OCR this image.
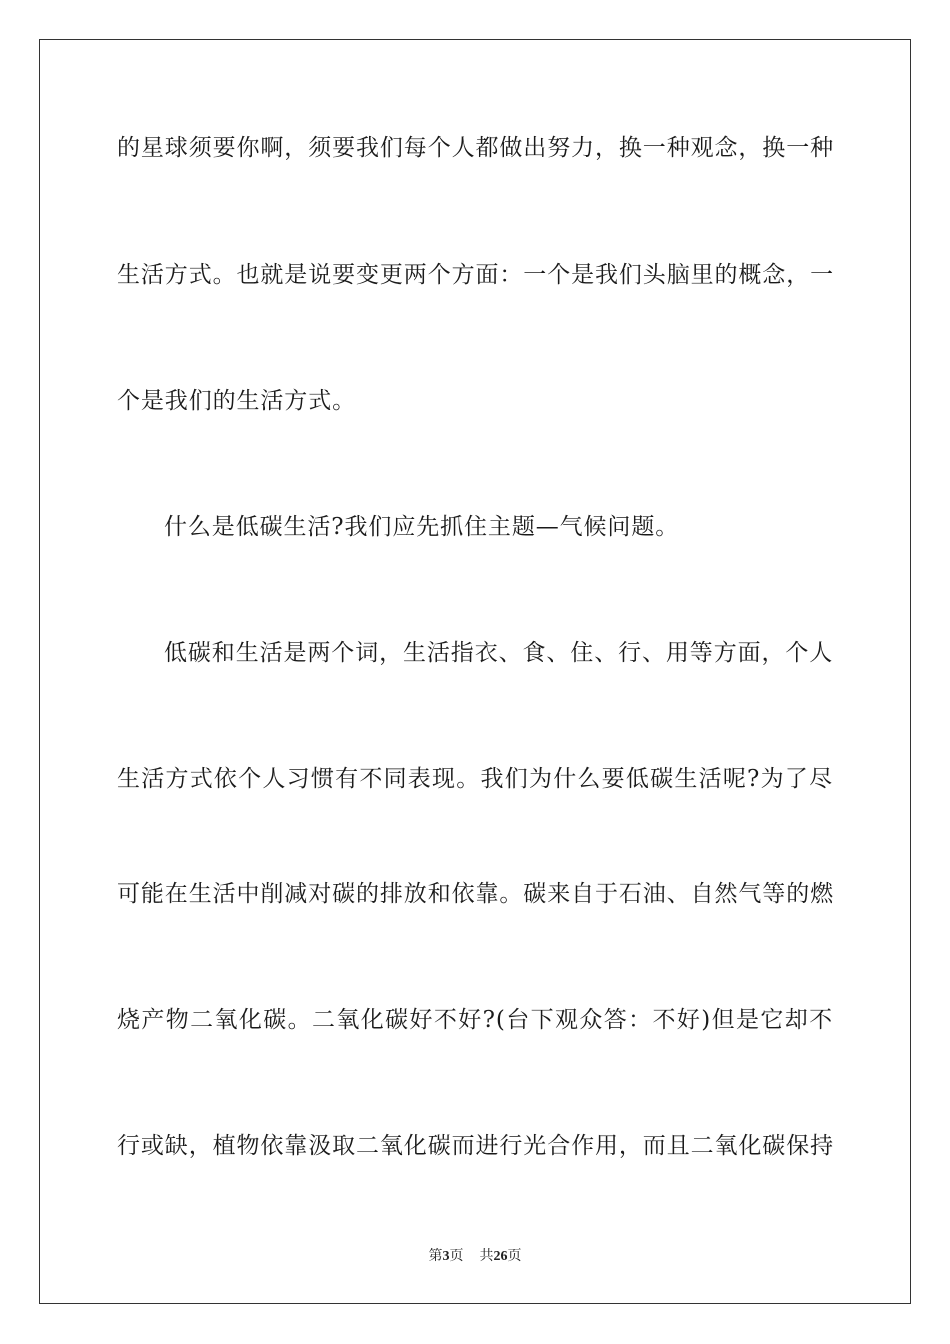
的星球须要你啊，须要我们每个人都做出努力，换一种观念，换一种
生活方式。也就是说要变更两个方面：一个是我们头脑里的概念，一
个是我们的生活方式。
什么是低碳生活?我们应先抓住主题—气候问题。
低碳和生活是两个词，生活指衣、食、住、行、用等方面，个人
生活方式依个人习惯有不同表现。我们为什么要低碳生活呢?为了尽
可能在生活中削减对碳的排放和依靠。碳来自于石油、自然气等的燃
烧产物二氧化碳。二氧化碳好不好?(台下观众答：不好)但是它却不
行或缺，植物依靠汲取二氧化碳而进行光合作用，而且二氧化碳保持
第3页 共26页
